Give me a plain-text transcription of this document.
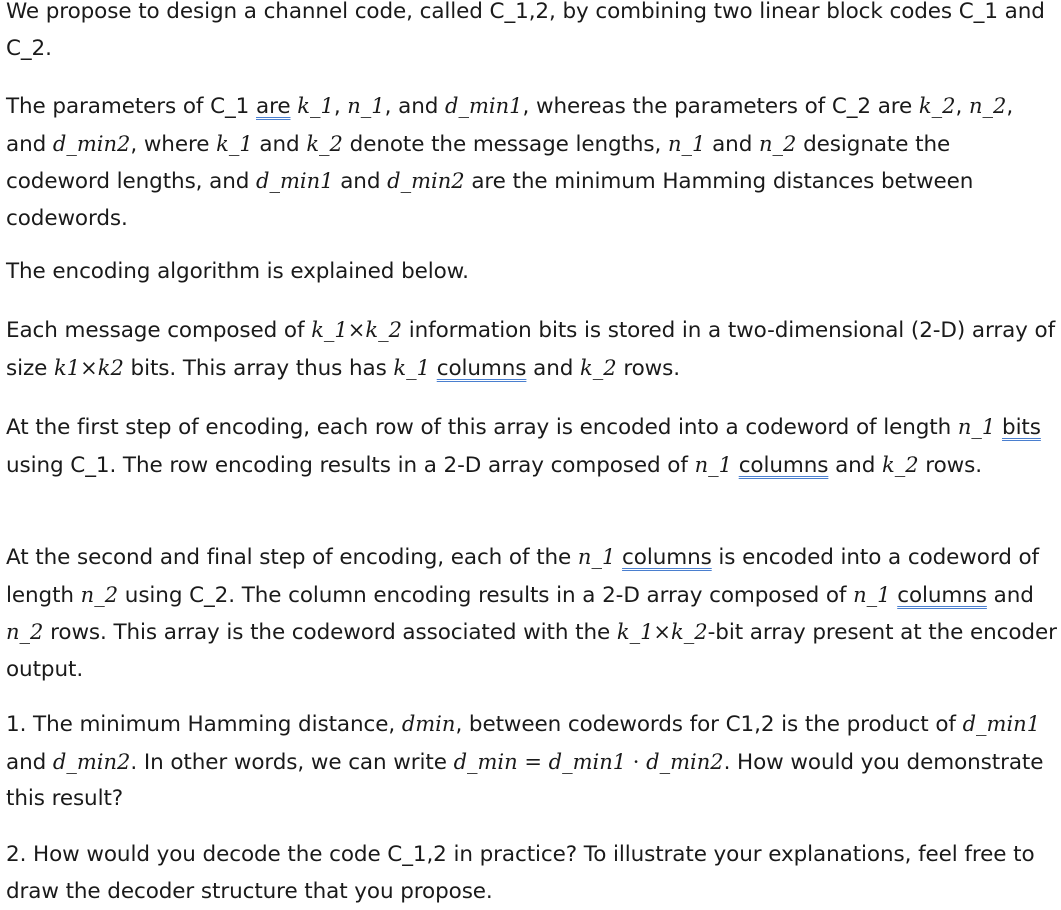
We propose to design a channel code, called C_1,2, by combining two linear block codes C_1 and C_2.

The parameters of C_1 are k_1, n_1, and d_min1, whereas the parameters of C_2 are k_2, n_2, and d_min2, where k_1 and k_2 denote the message lengths, n_1 and n_2 designate the codeword lengths, and d_min1 and d_min2 are the minimum Hamming distances between codewords.

The encoding algorithm is explained below.

Each message composed of k_1×k_2 information bits is stored in a two-dimensional (2-D) array of size k1×k2 bits. This array thus has k_1 columns and k_2 rows.

At the first step of encoding, each row of this array is encoded into a codeword of length n_1 bits using C_1. The row encoding results in a 2-D array composed of n_1 columns and k_2 rows.

At the second and final step of encoding, each of the n_1 columns is encoded into a codeword of length n_2 using C_2. The column encoding results in a 2-D array composed of n_1 columns and n_2 rows. This array is the codeword associated with the k_1×k_2-bit array present at the encoder output.

1. The minimum Hamming distance, dmin, between codewords for C1,2 is the product of d_min1 and d_min2. In other words, we can write d_min = d_min1 · d_min2. How would you demonstrate this result?

2. How would you decode the code C_1,2 in practice? To illustrate your explanations, feel free to draw the decoder structure that you propose.
